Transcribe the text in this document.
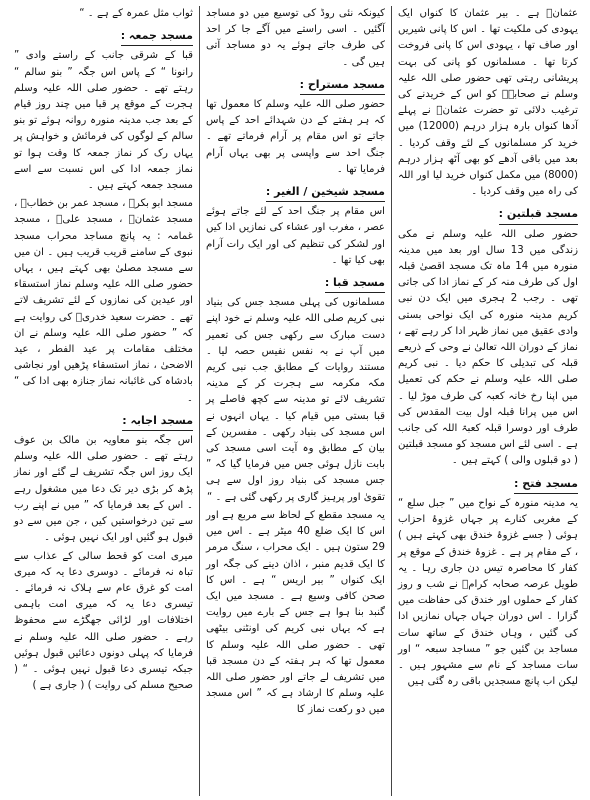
عثمانؓ ہے ۔ بیر عثمان کا کنواں ایک یہودی کی ملکیت تھا ۔ اس کا پانی شیریں اور صاف تھا ، یہودی اس کا پانی فروخت کرتا تھا ۔ مسلمانوں کو پانی کی بہت پریشانی رہتی تھی حضور صلی اللہ علیہ وسلم نے صحابہؓ کو اس کے خریدنے کی ترغیب دلائی تو حضرت عثمانؓ نے پہلے آدھا کنواں بارہ ہزار درہم (12000) میں خرید کر مسلمانوں کے لئے وقف کردیا ۔ بعد میں باقی آدھے کو بھی آٹھ ہزار درہم (8000) میں مکمل کنواں خرید لیا اور اللہ کی راہ میں وقف کردیا ۔

مسجد قبلتین :

حضور صلی اللہ علیہ وسلم نے مکی زندگی میں 13 سال اور بعد میں مدینہ منورہ میں 14 ماہ تک مسجد اقصیٰ قبلہ اول کی طرف منہ کر کے نماز ادا کی جاتی تھی ۔ رجب 2 ہجری میں ایک دن نبی کریم مدینہ منورہ کی ایک نواحی بستی وادی عقیق میں نماز ظہر ادا کر رہے تھے ، نماز کے دوران اللہ تعالیٰ نے وحی کے ذریعے قبلہ کی تبدیلی کا حکم دیا ۔ نبی کریم صلی اللہ علیہ وسلم نے حکم کی تعمیل میں اپنا رخ خانہ کعبہ کی طرف موڑ لیا ۔ اس میں پرانا قبلہ اول بیت المقدس کی طرف اور دوسرا قبلہ کعبۃ اللہ کی جانب ہے ۔ اسی لئے اس مسجد کو مسجد قبلتین ( دو قبلوں والی ) کہتے ہیں ۔

مسجد فتح :

یہ مدینہ منورہ کے نواح میں ” جبل سلع “ کے مغربی کنارے پر جہاں غزوۂ احزاب ہوئی ( جسے غزوۂ خندق بھی کہتے ہیں ) ، کے مقام پر ہے ۔ غزوۂ خندق کے موقع پر کفار کا محاصرہ تیس دن جاری رہا ۔ یہ طویل عرصہ صحابہ کرامؓ نے شب و روز کفار کے حملوں اور خندق کی حفاظت میں گزارا ۔ اس دوران جہاں جہاں نمازیں ادا کی گئیں ، وہاں خندق کے ساتھ سات مساجد بن گئیں جو ” مساجد سبعہ “ اور سات مساجد کے نام سے مشہور ہیں ۔ لیکن اب پانچ مسجدیں باقی رہ گئی ہیں

کیونکہ نئی روڈ کی توسیع میں دو مساجد آگئیں ۔ اسی راستے میں آگے جا کر احد کی طرف جاتے ہوئے یہ دو مساجد آتی ہیں گی ۔

مسجد مستراح :

حضور صلی اللہ علیہ وسلم کا معمول تھا کہ ہر ہفتے کے دن شہدائے احد کے پاس جاتے تو اس مقام پر آرام فرماتے تھے ۔ جنگ احد سے واپسی پر بھی یہاں آرام فرمایا تھا ۔

مسجد شیخین / الغیر :

اس مقام پر جنگ احد کے لئے جاتے ہوئے عصر ، مغرب اور عشاء کی نمازیں ادا کیں اور لشکر کی تنظیم کی اور ایک رات آرام بھی کیا تھا ۔

مسجد قبا :

مسلمانوں کی پہلی مسجد جس کی بنیاد نبی کریم صلی اللہ علیہ وسلم نے خود اپنے دست مبارک سے رکھی جس کی تعمیر میں آپ نے بہ نفس نفیس حصہ لیا ۔ مستند روایات کے مطابق جب نبی کریم مکہ مکرمہ سے ہجرت کر کے مدینہ تشریف لائے تو مدینہ سے کچھ فاصلے پر قبا بستی میں قیام کیا ۔ یہاں انہوں نے اس مسجد کی بنیاد رکھی ۔ مفسرین کے بیان کے مطابق وہ آیت اسی مسجد کی بابت نازل ہوئی جس میں فرمایا گیا کہ ” جس مسجد کی بنیاد روز اول سے ہی تقویٰ اور پرہیز گاری پر رکھی گئی ہے ۔ “

یہ مسجد مقطع کے لحاظ سے مربع ہے اور اس کا ایک ضلع 40 میٹر ہے ۔ اس میں 29 ستون ہیں ۔ ایک محراب ، سنگ مرمر کا ایک قدیم منبر ، اذان دینے کی جگہ اور ایک کنواں ” بیر اریس “ ہے ۔ اس کا صحن کافی وسیع ہے ۔ مسجد میں ایک گنبد بنا ہوا ہے جس کے بارے میں روایت ہے کہ یہاں نبی کریم کی اونٹنی بیٹھی تھی ۔ حضور صلی اللہ علیہ وسلم کا معمول تھا کہ ہر ہفتہ کے دن مسجد قبا میں تشریف لے جاتے اور حضور صلی اللہ علیہ وسلم کا ارشاد ہے کہ ” اس مسجد میں دو رکعت نماز کا

ثواب مثل عمرہ کے ہے ۔ “

مسجد جمعہ :

قبا کے شرقی جانب کے راستے وادی ” رانونا “ کے پاس اس جگہ ” بنو سالم “ رہتے تھے ۔ حضور صلی اللہ علیہ وسلم ہجرت کے موقع پر قبا میں چند روز قیام کے بعد جب مدینہ منورہ روانہ ہوئے تو بنو سالم کے لوگوں کی فرمائش و خواہش پر یہاں رک کر نماز جمعہ کا وقت ہوا تو نماز جمعہ ادا کی اس نسبت سے اسے مسجد جمعہ کہتے ہیں ۔

مسجد ابو بکرؓ ، مسجد عمر بن خطابؓ ، مسجد عثمانؓ ، مسجد علیؓ ، مسجد غمامہ : یہ پانچ مساجد محراب مسجد نبوی کے سامنے قریب قریب ہیں ۔ ان میں سے مسجد مصلیٰ بھی کہتے ہیں ، یہاں حضور صلی اللہ علیہ وسلم نماز استسقاء اور عیدین کی نمازوں کے لئے تشریف لاتے تھے ۔ حضرت سعید خدریؓ کی روایت ہے کہ ” حضور صلی اللہ علیہ وسلم نے ان مختلف مقامات پر عید الفطر ، عید الاضحیٰ ، نماز استسقاء پڑھیں اور نجاشی بادشاہ کی غائبانہ نماز جنازہ بھی ادا کی “ ۔

مسجد اجابہ :

اس جگہ بنو معاویہ بن مالک بن عوف رہتے تھے ۔ حضور صلی اللہ علیہ وسلم ایک روز اس جگہ تشریف لے گئے اور نماز پڑھ کر بڑی دیر تک دعا میں مشغول رہے ۔ اس کے بعد فرمایا کہ ” میں نے اپنے رب سے تین درخواستیں کیں ، جن میں سے دو قبول ہو گئیں اور ایک نہیں ہوئی ۔

میری امت کو قحط سالی کے عذاب سے تباہ نہ فرمائے ۔ دوسری دعا یہ کہ میری امت کو غرق عام سے ہلاک نہ فرمائے ۔ تیسری دعا یہ کہ میری امت باہمی اختلافات اور لڑائی جھگڑے سے محفوظ رہے ۔ حضور صلی اللہ علیہ وسلم نے فرمایا کہ پہلی دونوں دعائیں قبول ہوئیں جبکہ تیسری دعا قبول نہیں ہوئی ۔ “ ( صحیح مسلم کی روایت ) ( جاری ہے )
